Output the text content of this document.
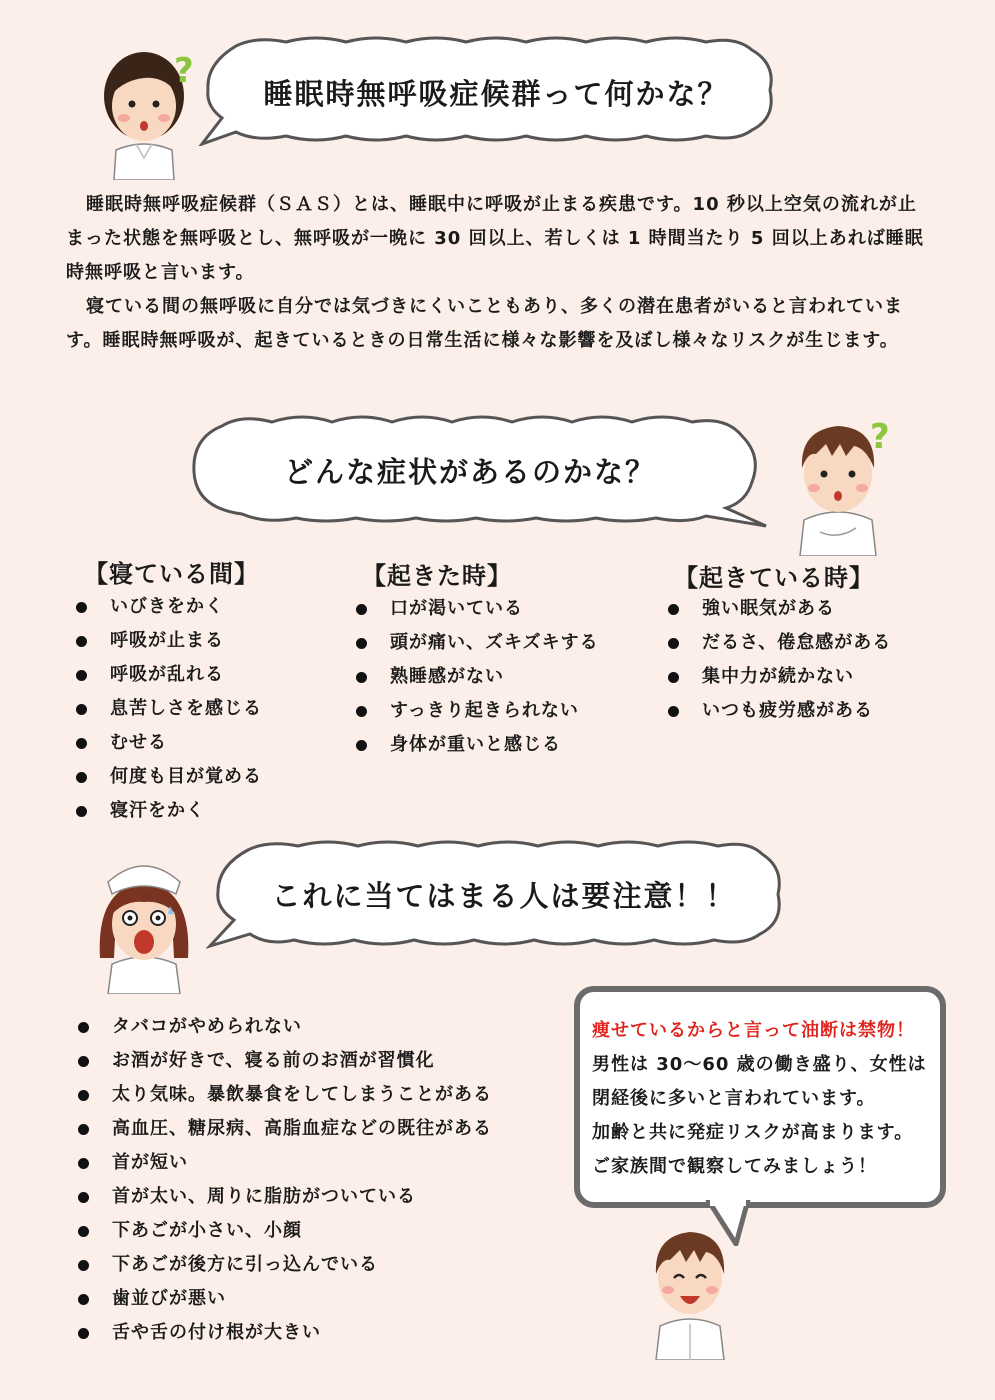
?
睡眠時無呼吸症候群って何かな？

睡眠時無呼吸症候群（ＳＡＳ）とは、睡眠中に呼吸が止まる疾患です。10 秒以上空気の流れが止まった状態を無呼吸とし、無呼吸が一晩に 30 回以上、若しくは 1 時間当たり 5 回以上あれば睡眠時無呼吸と言います。

寝ている間の無呼吸に自分では気づきにくいこともあり、多くの潜在患者がいると言われています。睡眠時無呼吸が、起きているときの日常生活に様々な影響を及ぼし様々なリスクが生じます。

どんな症状があるのかな？
?
【寝ている間】
いびきをかく
呼吸が止まる
呼吸が乱れる
息苦しさを感じる
むせる
何度も目が覚める
寝汗をかく
【起きた時】
口が渇いている
頭が痛い、ズキズキする
熟睡感がない
すっきり起きられない
身体が重いと感じる
【起きている時】
強い眠気がある
だるさ、倦怠感がある
集中力が続かない
いつも疲労感がある
これに当てはまる人は要注意！！
タバコがやめられない
お酒が好きで、寝る前のお酒が習慣化
太り気味。暴飲暴食をしてしまうことがある
高血圧、糖尿病、高脂血症などの既往がある
首が短い
首が太い、周りに脂肪がついている
下あごが小さい、小顔
下あごが後方に引っ込んでいる
歯並びが悪い
舌や舌の付け根が大きい
痩せているからと言って油断は禁物！
男性は 30〜60 歳の働き盛り、女性は
閉経後に多いと言われています。
加齢と共に発症リスクが高まります。
ご家族間で観察してみましょう！
